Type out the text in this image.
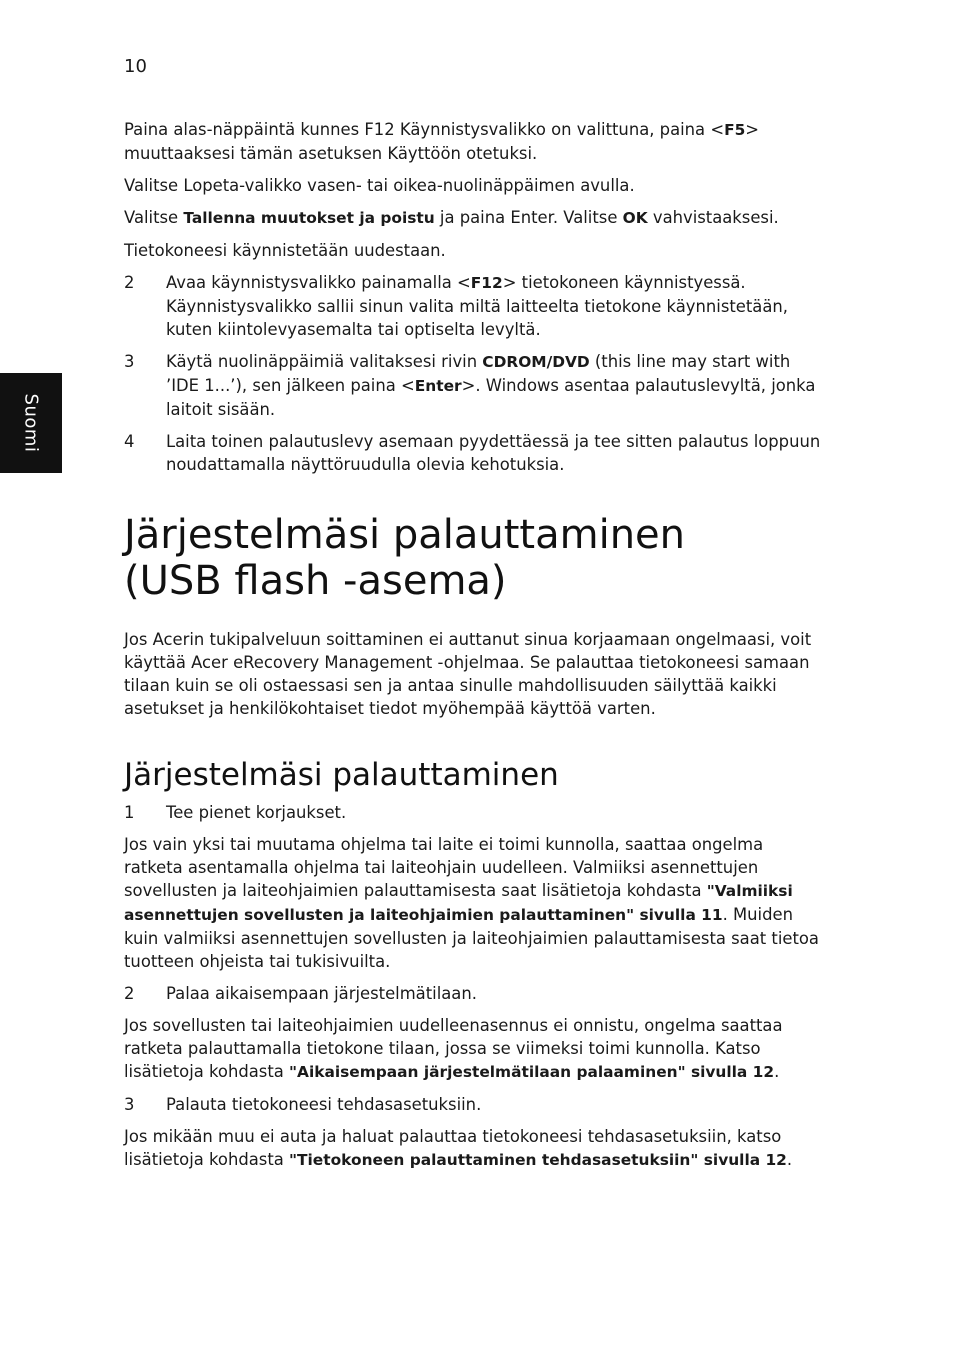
10
Suomi

Paina alas-näppäintä kunnes F12 Käynnistysvalikko on valittuna, paina <F5> muuttaaksesi tämän asetuksen Käyttöön otetuksi.

Valitse Lopeta-valikko vasen- tai oikea-nuolinäppäimen avulla.

Valitse Tallenna muutokset ja poistu ja paina Enter. Valitse OK vahvistaaksesi.

Tietokoneesi käynnistetään uudestaan.

2	Avaa käynnistysvalikko painamalla <F12> tietokoneen käynnistyessä. Käynnistysvalikko sallii sinun valita miltä laitteelta tietokone käynnistetään, kuten kiintolevyasemalta tai optiselta levyltä.
3	Käytä nuolinäppäimiä valitaksesi rivin CDROM/DVD (this line may start with ’IDE 1...’), sen jälkeen paina <Enter>. Windows asentaa palautuslevyltä, jonka laitoit sisään.
4	Laita toinen palautuslevy asemaan pyydettäessä ja tee sitten palautus loppuun noudattamalla näyttöruudulla olevia kehotuksia.
Järjestelmäsi palauttaminen
(USB flash -asema)

Jos Acerin tukipalveluun soittaminen ei auttanut sinua korjaamaan ongelmaasi, voit käyttää Acer eRecovery Management -ohjelmaa. Se palauttaa tietokoneesi samaan tilaan kuin se oli ostaessasi sen ja antaa sinulle mahdollisuuden säilyttää kaikki asetukset ja henkilökohtaiset tiedot myöhempää käyttöä varten.

Järjestelmäsi palauttaminen
1	Tee pienet korjaukset.

Jos vain yksi tai muutama ohjelma tai laite ei toimi kunnolla, saattaa ongelma ratketa asentamalla ohjelma tai laiteohjain uudelleen. Valmiiksi asennettujen sovellusten ja laiteohjaimien palauttamisesta saat lisätietoja kohdasta "Valmiiksi asennettujen sovellusten ja laiteohjaimien palauttaminen" sivulla 11. Muiden kuin valmiiksi asennettujen sovellusten ja laiteohjaimien palauttamisesta saat tietoa tuotteen ohjeista tai tukisivuilta.

2	Palaa aikaisempaan järjestelmätilaan.

Jos sovellusten tai laiteohjaimien uudelleenasennus ei onnistu, ongelma saattaa ratketa palauttamalla tietokone tilaan, jossa se viimeksi toimi kunnolla. Katso lisätietoja kohdasta "Aikaisempaan järjestelmätilaan palaaminen" sivulla 12.

3	Palauta tietokoneesi tehdasasetuksiin.

Jos mikään muu ei auta ja haluat palauttaa tietokoneesi tehdasasetuksiin, katso lisätietoja kohdasta "Tietokoneen palauttaminen tehdasasetuksiin" sivulla 12.
